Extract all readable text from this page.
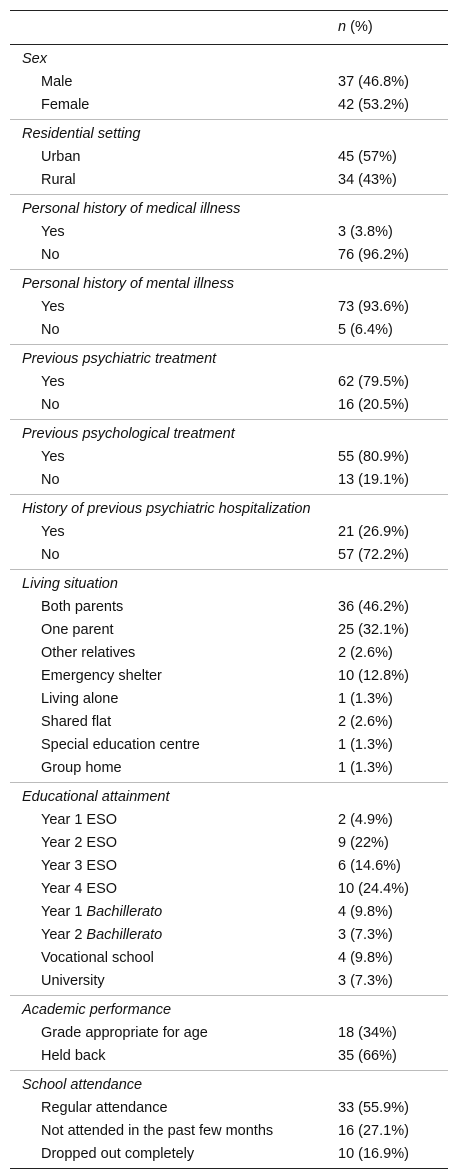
n (%)
Sex
Male	37 (46.8%)
Female	42 (53.2%)
Residential setting
Urban	45 (57%)
Rural	34 (43%)
Personal history of medical illness
Yes	3 (3.8%)
No	76 (96.2%)
Personal history of mental illness
Yes	73 (93.6%)
No	5 (6.4%)
Previous psychiatric treatment
Yes	62 (79.5%)
No	16 (20.5%)
Previous psychological treatment
Yes	55 (80.9%)
No	13 (19.1%)
History of previous psychiatric hospitalization
Yes	21 (26.9%)
No	57 (72.2%)
Living situation
Both parents	36 (46.2%)
One parent	25 (32.1%)
Other relatives	2 (2.6%)
Emergency shelter	10 (12.8%)
Living alone	1 (1.3%)
Shared flat	2 (2.6%)
Special education centre	1 (1.3%)
Group home	1 (1.3%)
Educational attainment
Year 1 ESO	2 (4.9%)
Year 2 ESO	9 (22%)
Year 3 ESO	6 (14.6%)
Year 4 ESO	10 (24.4%)
Year 1 Bachillerato	4 (9.8%)
Year 2 Bachillerato	3 (7.3%)
Vocational school	4 (9.8%)
University	3 (7.3%)
Academic performance
Grade appropriate for age	18 (34%)
Held back	35 (66%)
School attendance
Regular attendance	33 (55.9%)
Not attended in the past few months	16 (27.1%)
Dropped out completely	10 (16.9%)
